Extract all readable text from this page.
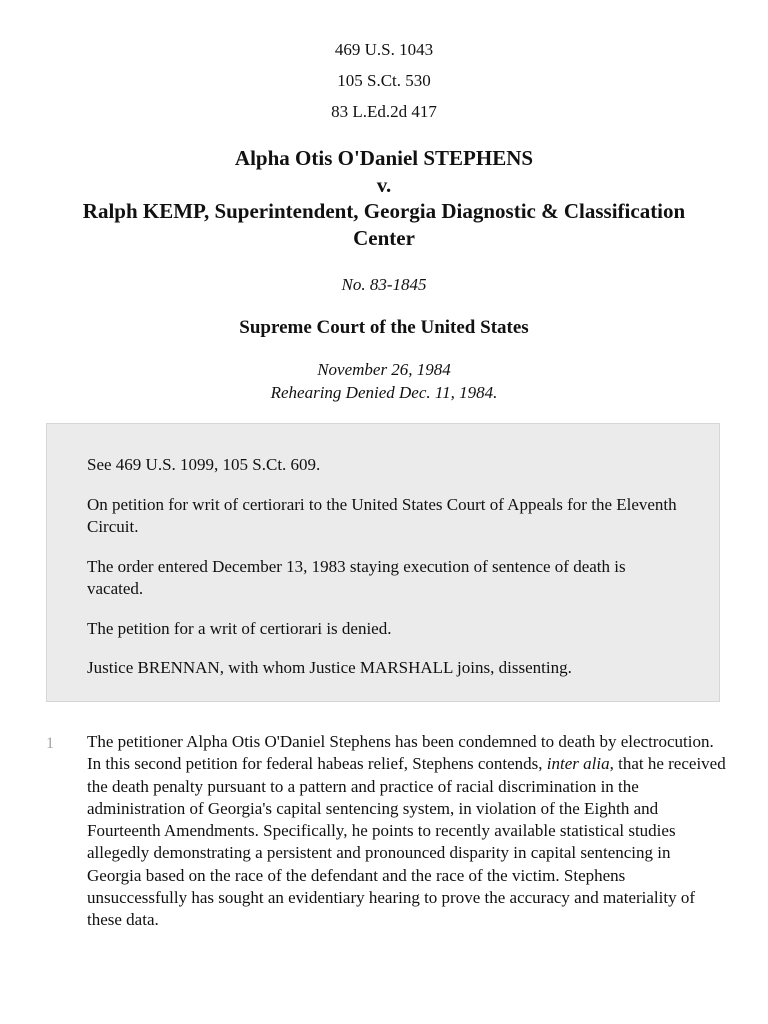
469 U.S. 1043
105 S.Ct. 530
83 L.Ed.2d 417
Alpha Otis O'Daniel STEPHENS
v.
Ralph KEMP, Superintendent, Georgia Diagnostic & Classification Center
No. 83-1845
Supreme Court of the United States
November 26, 1984
Rehearing Denied Dec. 11, 1984.

See 469 U.S. 1099, 105 S.Ct. 609.

On petition for writ of certiorari to the United States Court of Appeals for the Eleventh Circuit.

The order entered December 13, 1983 staying execution of sentence of death is vacated.

The petition for a writ of certiorari is denied.

Justice BRENNAN, with whom Justice MARSHALL joins, dissenting.

1 The petitioner Alpha Otis O'Daniel Stephens has been condemned to death by electrocution. In this second petition for federal habeas relief, Stephens contends, inter alia, that he received the death penalty pursuant to a pattern and practice of racial discrimination in the administration of Georgia's capital sentencing system, in violation of the Eighth and Fourteenth Amendments. Specifically, he points to recently available statistical studies allegedly demonstrating a persistent and pronounced disparity in capital sentencing in Georgia based on the race of the defendant and the race of the victim. Stephens unsuccessfully has sought an evidentiary hearing to prove the accuracy and materiality of these data.
